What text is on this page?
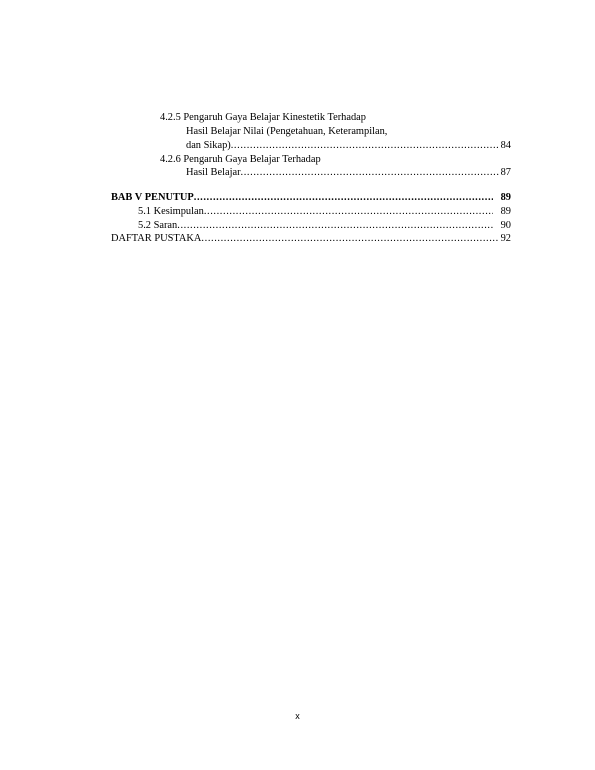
4.2.5 Pengaruh Gaya Belajar Kinestetik Terhadap
Hasil Belajar Nilai (Pengetahuan, Keterampilan,
dan Sikap) .....	84
4.2.6 Pengaruh Gaya Belajar Terhadap
Hasil Belajar .....	87
BAB V PENUTUP .....	89
5.1 Kesimpulan .....	89
5.2 Saran .....	90
DAFTAR PUSTAKA .....	92
x
